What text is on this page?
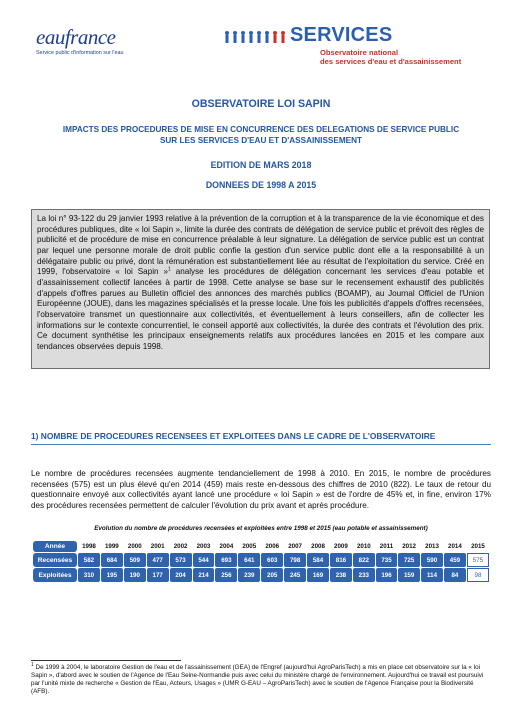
eaufrance
Service public d'information sur l'eau
SERVICES
Observatoire national
des services d'eau et d'assainissement
OBSERVATOIRE LOI SAPIN
IMPACTS DES PROCEDURES DE MISE EN CONCURRENCE DES DELEGATIONS DE SERVICE PUBLIC
SUR LES SERVICES D'EAU ET D'ASSAINISSEMENT
EDITION DE MARS 2018
DONNEES DE 1998 A 2015
La loi n° 93-122 du 29 janvier 1993 relative à la prévention de la corruption et à la transparence de la vie économique et des procédures publiques, dite « loi Sapin », limite la durée des contrats de délégation de service public et prévoit des règles de publicité et de procédure de mise en concurrence préalable à leur signature. La délégation de service public est un contrat par lequel une personne morale de droit public confie la gestion d'un service public dont elle a la responsabilité à un délégataire public ou privé, dont la rémunération est substantiellement liée au résultat de l'exploitation du service. Créé en 1999, l'observatoire « loi Sapin »$^1$ analyse les procédures de délégation concernant les services d'eau potable et d'assainissement collectif lancées à partir de 1998. Cette analyse se base sur le recensement exhaustif des publicités d'appels d'offres parues au Bulletin officiel des annonces des marchés publics (BOAMP), au Journal Officiel de l'Union Européenne (JOUE), dans les magazines spécialisés et la presse locale. Une fois les publicités d'appels d'offres recensées, l'observatoire transmet un questionnaire aux collectivités, et éventuellement à leurs conseillers, afin de collecter les informations sur le contexte concurrentiel, le conseil apporté aux collectivités, la durée des contrats et l'évolution des prix. Ce document synthétise les principaux enseignements relatifs aux procédures lancées en 2015 et les compare aux tendances observées depuis 1998.
1) NOMBRE DE PROCEDURES RECENSEES ET EXPLOITEES DANS LE CADRE DE L'OBSERVATOIRE
Le nombre de procédures recensées augmente tendanciellement de 1998 à 2010. En 2015, le nombre de procédures recensées (575) est un plus élevé qu'en 2014 (459) mais reste en-dessous des chiffres de 2010 (822). Le taux de retour du questionnaire envoyé aux collectivités ayant lancé une procédure « loi Sapin » est de l'ordre de 45% et, in fine, environ 17% des procédures recensées permettent de calculer l'évolution du prix avant et après procédure.
Evolution du nombre de procédures recensées et exploitées entre 1998 et 2015 (eau potable et assainissement)
Année	1998	1999	2000	2001	2002	2003	2004	2005	2006	2007	2008	2009	2010	2011	2012	2013	2014	2015
Recensées	582	684	509	477	573	544	693	641	603	798	584	816	822	735	725	590	459	575
Exploitées	310	195	190	177	204	214	256	239	205	245	169	238	233	196	159	114	84	98
$^1$ De 1999 à 2004, le laboratoire Gestion de l'eau et de l'assainissement (GEA) de l'Engref (aujourd'hui AgroParisTech) a mis en place cet observatoire sur la « loi Sapin », d'abord avec le soutien de l'Agence de l'Eau Seine-Normandie puis avec celui du ministère chargé de l'environnement. Aujourd'hui ce travail est poursuivi par l'unité mixte de recherche « Gestion de l'Eau, Acteurs, Usages » (UMR G-EAU – AgroParisTech) avec le soutien de l'Agence Française pour la Biodiversité (AFB).
